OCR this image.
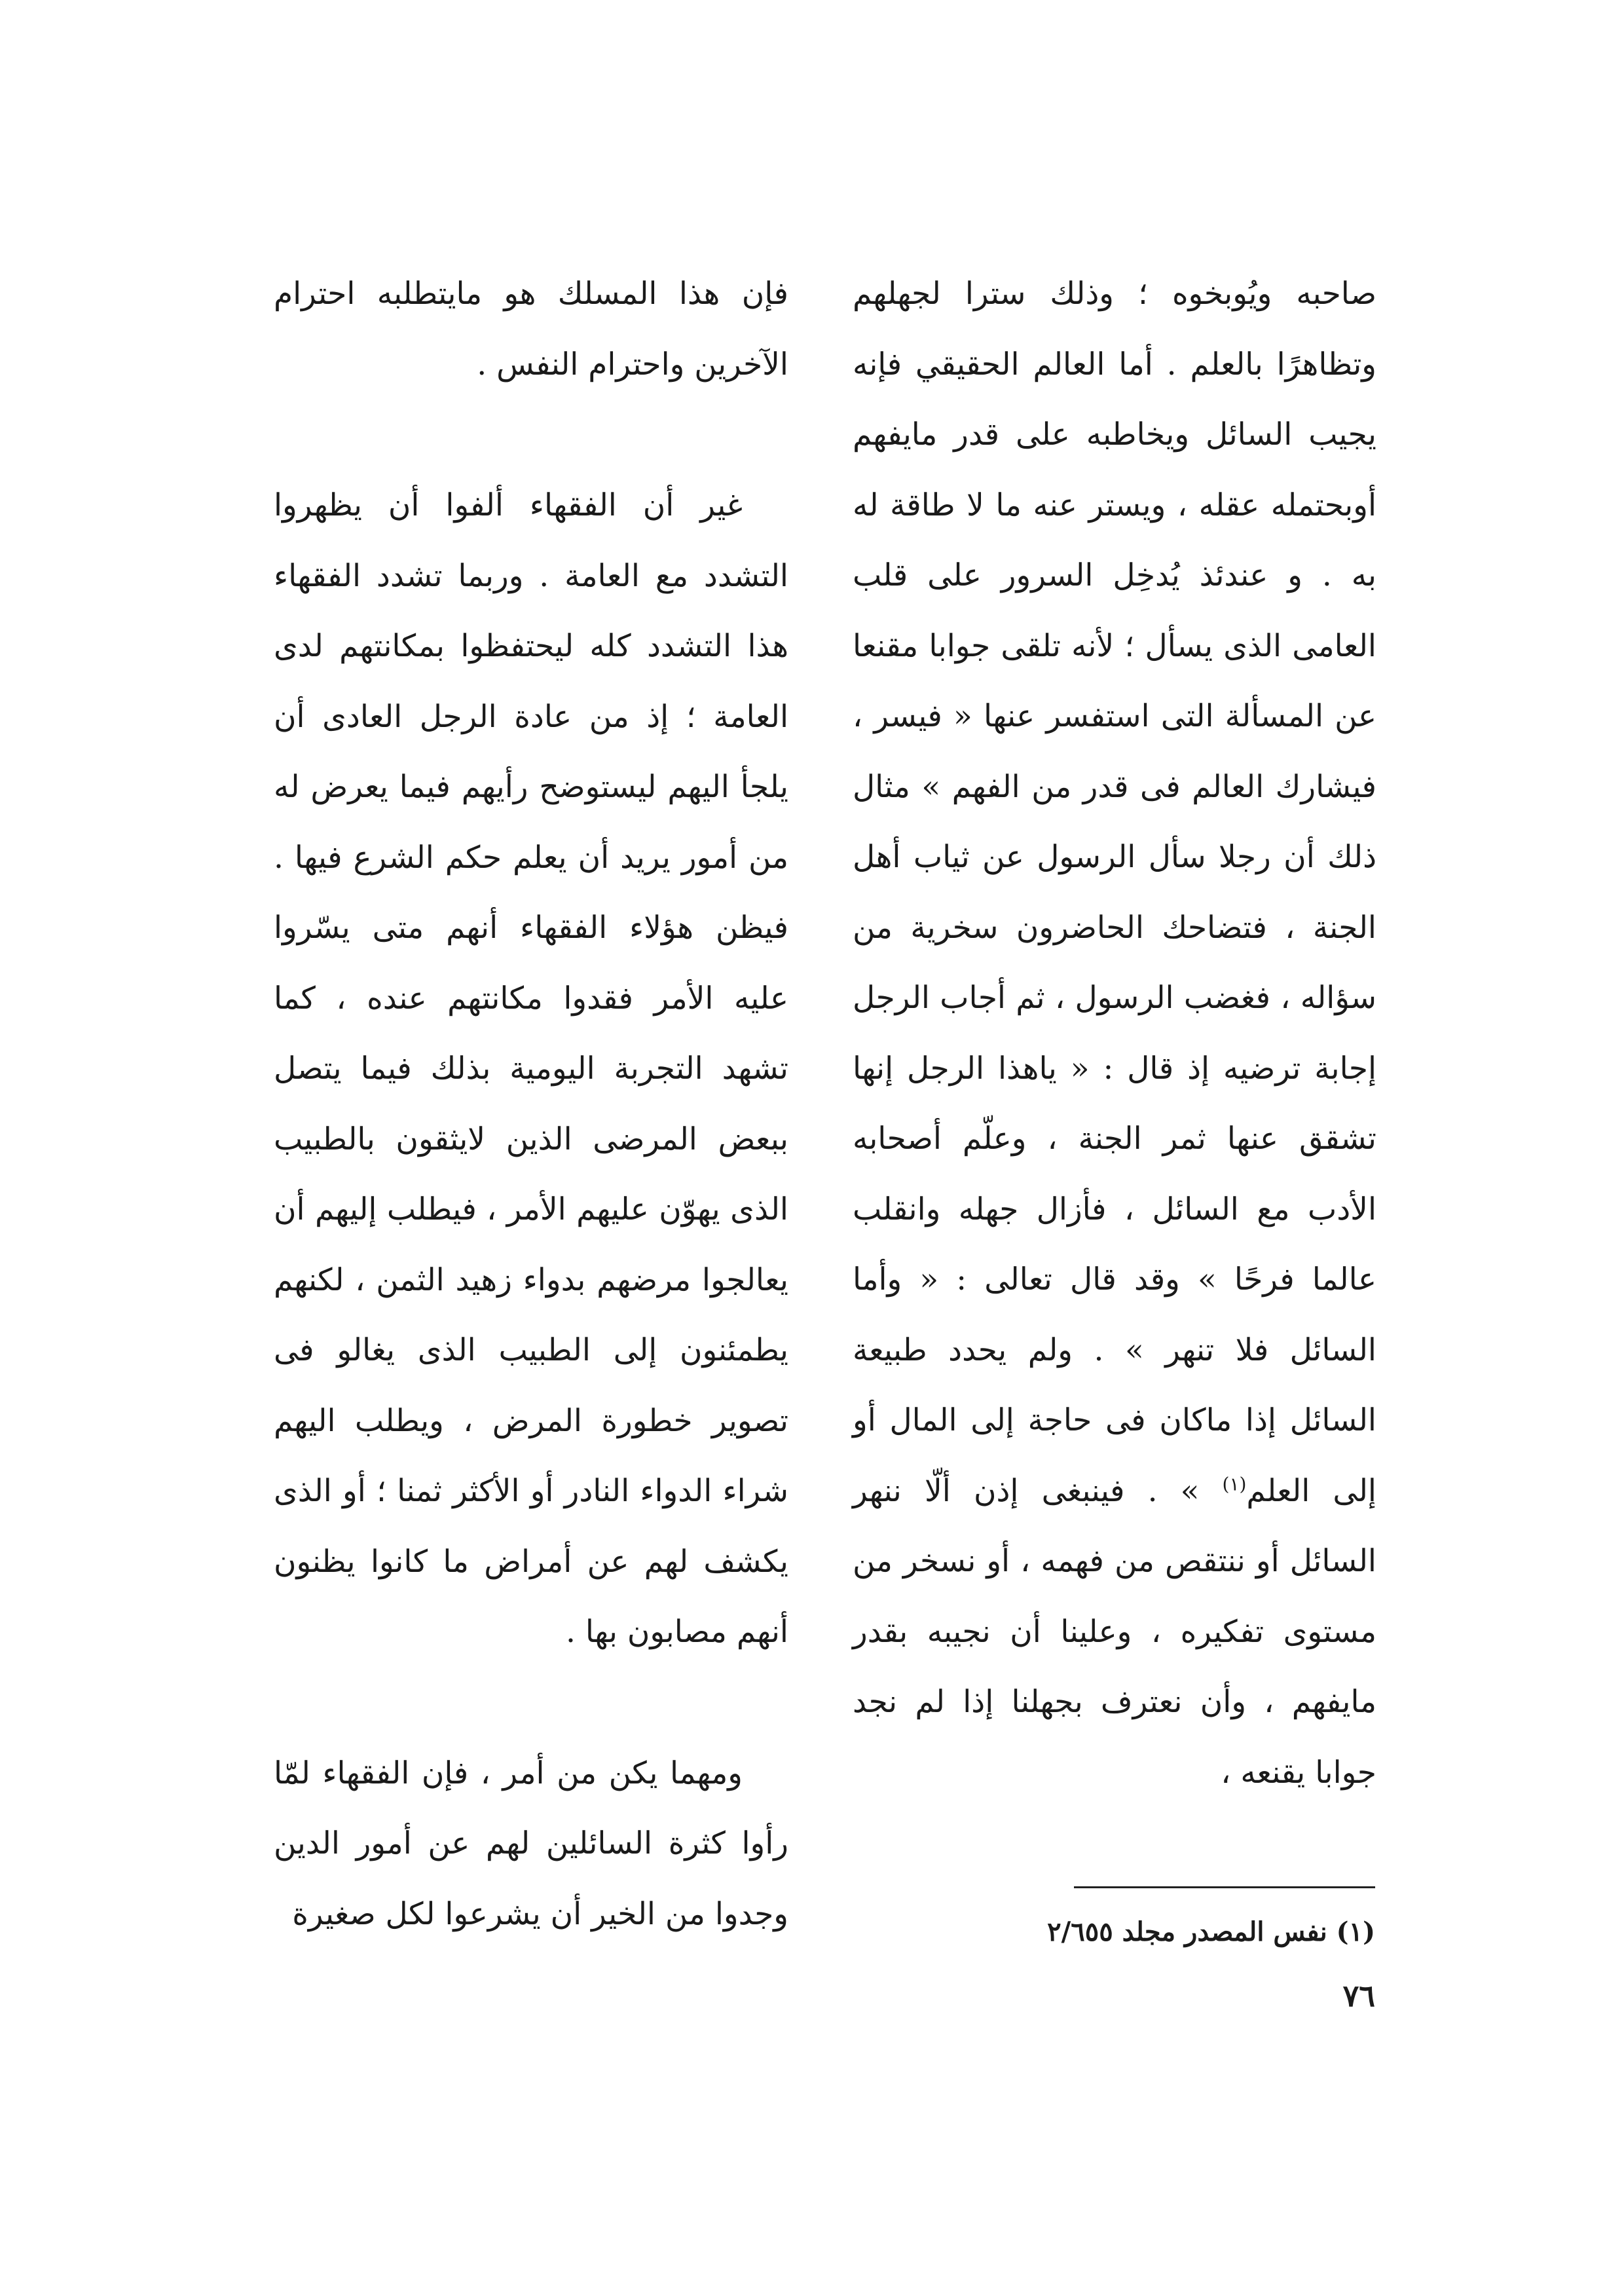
صاحبه ويُوبخوه ؛ وذلك سترا لجهلهم وتظاهرًا بالعلم . أما العالم الحقيقي فإنه يجيب السائل ويخاطبه على قدر مايفهم أوبحتمله عقله ، ويستر عنه ما لا طاقة له به . و عندئذ يُدخِل السرور على قلب العامى الذى يسأل ؛ لأنه تلقى جوابا مقنعا عن المسألة التى استفسر عنها « فيسر ، فيشارك العالم فى قدر من الفهم » مثال ذلك أن رجلا سأل الرسول عن ثياب أهل الجنة ، فتضاحك الحاضرون سخرية من سؤاله ، فغضب الرسول ، ثم أجاب الرجل إجابة ترضيه إذ قال : « ياهذا الرجل إنها تشقق عنها ثمر الجنة ، وعلّم أصحابه الأدب مع السائل ، فأزال جهله وانقلب عالما فرحًا » وقد قال تعالى : « وأما السائل فلا تنهر » . ولم يحدد طبيعة السائل إذا ماكان فى حاجة إلى المال أو إلى العلم$^{(١)}$ » . فينبغى إذن ألّا ننهر السائل أو ننتقص من فهمه ، أو نسخر من مستوى تفكيره ، وعلينا أن نجيبه بقدر مايفهم ، وأن نعترف بجهلنا إذا لم نجد جوابا يقنعه ،

فإن هذا المسلك هو مايتطلبه احترام الآخرين واحترام النفس .

غير أن الفقهاء ألفوا أن يظهروا التشدد مع العامة . وربما تشدد الفقهاء هذا التشدد كله ليحتفظوا بمكانتهم لدى العامة ؛ إذ من عادة الرجل العادى أن يلجأ اليهم ليستوضح رأيهم فيما يعرض له من أمور يريد أن يعلم حكم الشرع فيها . فيظن هؤلاء الفقهاء أنهم متى يسّروا عليه الأمر فقدوا مكانتهم عنده ، كما تشهد التجربة اليومية بذلك فيما يتصل ببعض المرضى الذين لايثقون بالطبيب الذى يهوّن عليهم الأمر ، فيطلب إليهم أن يعالجوا مرضهم بدواء زهيد الثمن ، لكنهم يطمئنون إلى الطبيب الذى يغالو فى تصوير خطورة المرض ، ويطلب اليهم شراء الدواء النادر أو الأكثر ثمنا ؛ أو الذى يكشف لهم عن أمراض ما كانوا يظنون أنهم مصابون بها .

ومهما يكن من أمر ، فإن الفقهاء لمّا رأوا كثرة السائلين لهم عن أمور الدين وجدوا من الخير أن يشرعوا لكل صغيرة	(١) نفس المصدر مجلد ٢/٦٥٥
٧٦
